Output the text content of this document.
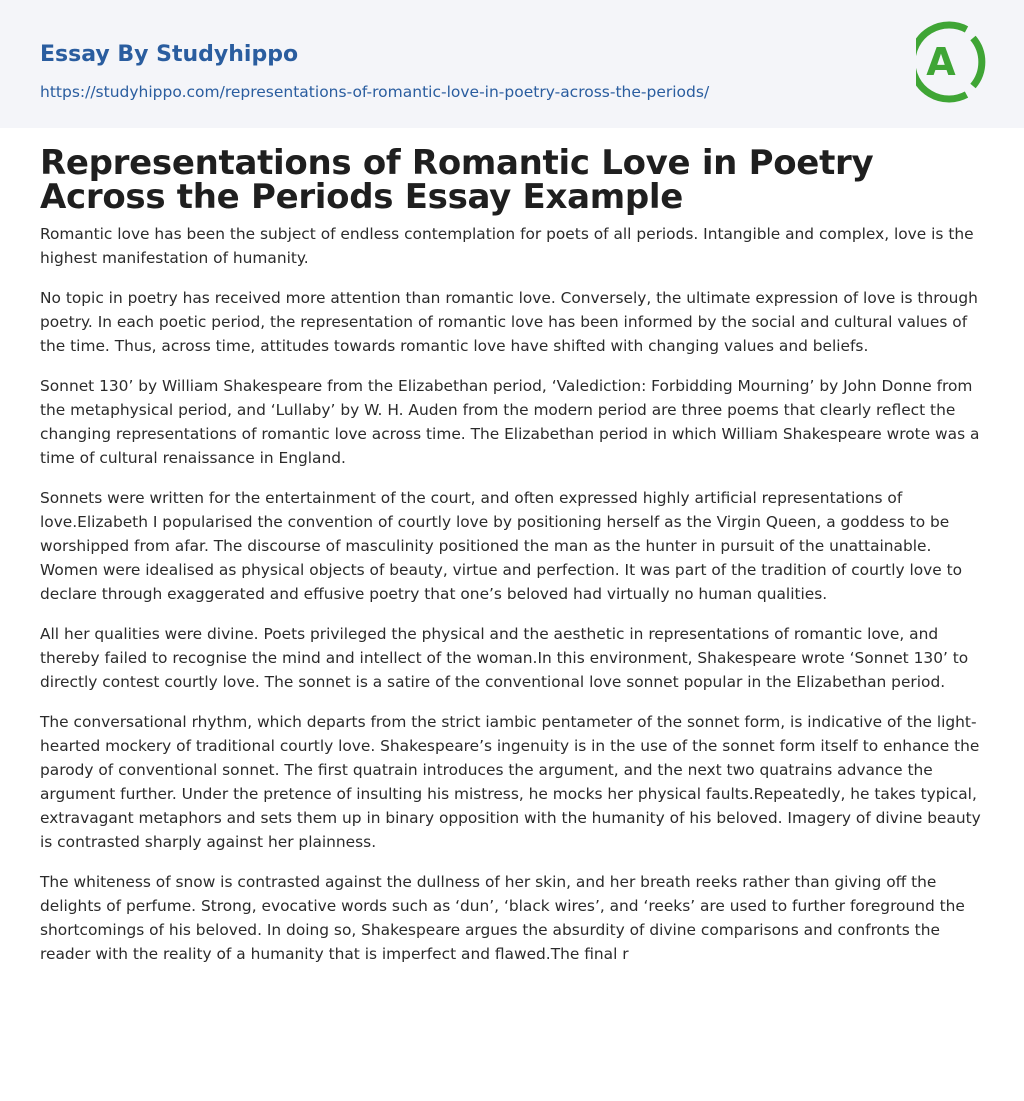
Essay By Studyhippo
https://studyhippo.com/representations-of-romantic-love-in-poetry-across-the-periods/
A
Representations of Romantic Love in Poetry Across the Periods Essay Example

Romantic love has been the subject of endless contemplation for poets of all periods. Intangible and complex, love is the highest manifestation of humanity.

No topic in poetry has received more attention than romantic love. Conversely, the ultimate expression of love is through poetry. In each poetic period, the representation of romantic love has been informed by the social and cultural values of the time. Thus, across time, attitudes towards romantic love have shifted with changing values and beliefs.

Sonnet 130’ by William Shakespeare from the Elizabethan period, ‘Valediction: Forbidding Mourning’ by John Donne from the metaphysical period, and ‘Lullaby’ by W. H. Auden from the modern period are three poems that clearly reflect the changing representations of romantic love across time. The Elizabethan period in which William Shakespeare wrote was a time of cultural renaissance in England.

Sonnets were written for the entertainment of the court, and often expressed highly artificial representations of love.Elizabeth I popularised the convention of courtly love by positioning herself as the Virgin Queen, a goddess to be worshipped from afar. The discourse of masculinity positioned the man as the hunter in pursuit of the unattainable. Women were idealised as physical objects of beauty, virtue and perfection. It was part of the tradition of courtly love to declare through exaggerated and effusive poetry that one’s beloved had virtually no human qualities.

All her qualities were divine. Poets privileged the physical and the aesthetic in representations of romantic love, and thereby failed to recognise the mind and intellect of the woman.In this environment, Shakespeare wrote ‘Sonnet 130’ to directly contest courtly love. The sonnet is a satire of the conventional love sonnet popular in the Elizabethan period.

The conversational rhythm, which departs from the strict iambic pentameter of the sonnet form, is indicative of the light-hearted mockery of traditional courtly love. Shakespeare’s ingenuity is in the use of the sonnet form itself to enhance the parody of conventional sonnet. The first quatrain introduces the argument, and the next two quatrains advance the argument further. Under the pretence of insulting his mistress, he mocks her physical faults.Repeatedly, he takes typical, extravagant metaphors and sets them up in binary opposition with the humanity of his beloved. Imagery of divine beauty is contrasted sharply against her plainness.

The whiteness of snow is contrasted against the dullness of her skin, and her breath reeks rather than giving off the delights of perfume. Strong, evocative words such as ‘dun’, ‘black wires’, and ‘reeks’ are used to further foreground the shortcomings of his beloved. In doing so, Shakespeare argues the absurdity of divine comparisons and confronts the reader with the reality of a humanity that is imperfect and flawed.The final r
